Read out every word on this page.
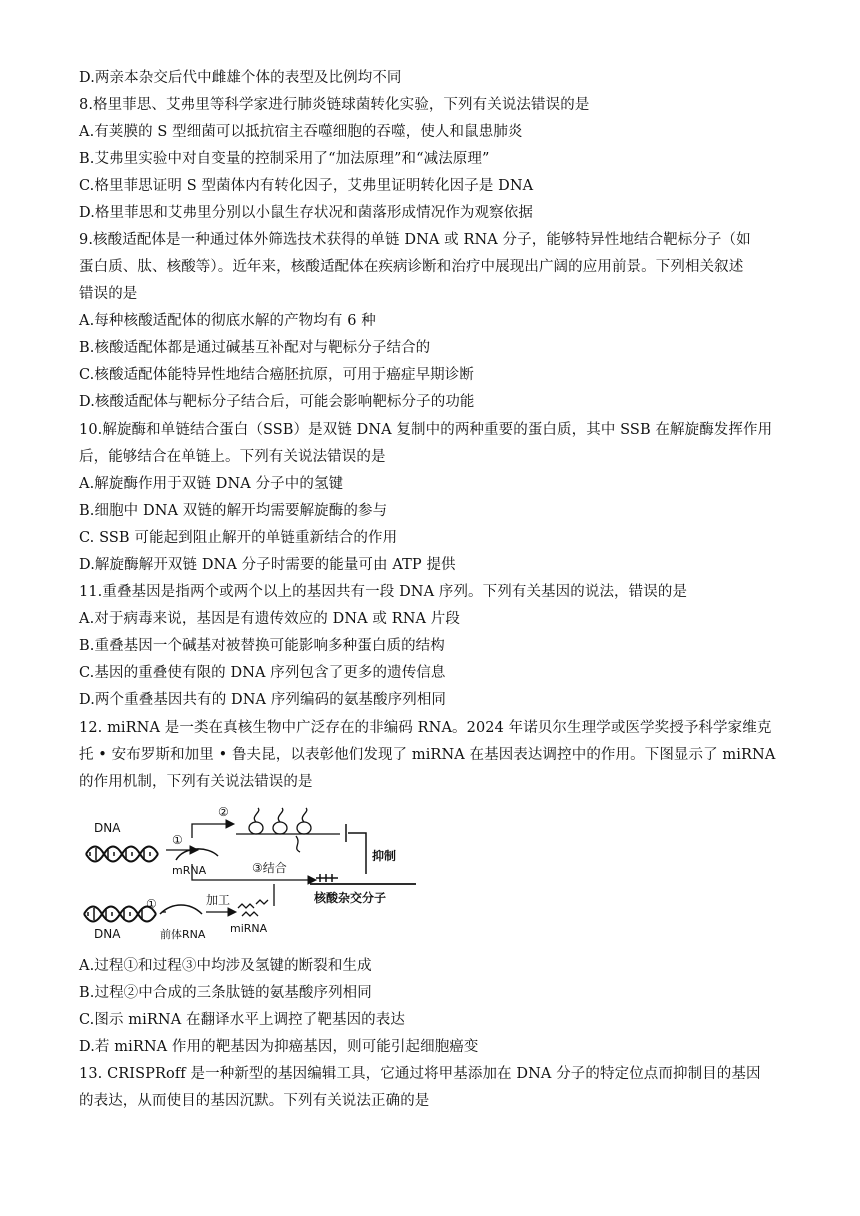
D.两亲本杂交后代中雌雄个体的表型及比例均不同
8.格里菲思、艾弗里等科学家进行肺炎链球菌转化实验，下列有关说法错误的是
A.有荚膜的 S 型细菌可以抵抗宿主吞噬细胞的吞噬，使人和鼠患肺炎
B.艾弗里实验中对自变量的控制采用了“加法原理”和“减法原理”
C.格里菲思证明 S 型菌体内有转化因子，艾弗里证明转化因子是 DNA
D.格里菲思和艾弗里分别以小鼠生存状况和菌落形成情况作为观察依据
9.核酸适配体是一种通过体外筛选技术获得的单链 DNA 或 RNA 分子，能够特异性地结合靶标分子（如
蛋白质、肽、核酸等）。近年来，核酸适配体在疾病诊断和治疗中展现出广阔的应用前景。下列相关叙述
错误的是
A.每种核酸适配体的彻底水解的产物均有 6 种
B.核酸适配体都是通过碱基互补配对与靶标分子结合的
C.核酸适配体能特异性地结合癌胚抗原，可用于癌症早期诊断
D.核酸适配体与靶标分子结合后，可能会影响靶标分子的功能
10.解旋酶和单链结合蛋白（SSB）是双链 DNA 复制中的两种重要的蛋白质，其中 SSB 在解旋酶发挥作用
后，能够结合在单链上。下列有关说法错误的是
A.解旋酶作用于双链 DNA 分子中的氢键
B.细胞中 DNA 双链的解开均需要解旋酶的参与
C. SSB 可能起到阻止解开的单链重新结合的作用
D.解旋酶解开双链 DNA 分子时需要的能量可由 ATP 提供
11.重叠基因是指两个或两个以上的基因共有一段 DNA 序列。下列有关基因的说法，错误的是
A.对于病毒来说，基因是有遗传效应的 DNA 或 RNA 片段
B.重叠基因一个碱基对被替换可能影响多种蛋白质的结构
C.基因的重叠使有限的 DNA 序列包含了更多的遗传信息
D.两个重叠基因共有的 DNA 序列编码的氨基酸序列相同
12. miRNA 是一类在真核生物中广泛存在的非编码 RNA。2024 年诺贝尔生理学或医学奖授予科学家维克
托 • 安布罗斯和加里 • 鲁夫昆，以表彰他们发现了 miRNA 在基因表达调控中的作用。下图显示了 miRNA
的作用机制，下列有关说法错误的是
DNA
①
mRNA
②
抑制
③结合
核酸杂交分子
DNA
①
前体RNA
加工
miRNA
A.过程①和过程③中均涉及氢键的断裂和生成
B.过程②中合成的三条肽链的氨基酸序列相同
C.图示 miRNA 在翻译水平上调控了靶基因的表达
D.若 miRNA 作用的靶基因为抑癌基因，则可能引起细胞癌变
13. CRISPRoff 是一种新型的基因编辑工具，它通过将甲基添加在 DNA 分子的特定位点而抑制目的基因
的表达，从而使目的基因沉默。下列有关说法正确的是
